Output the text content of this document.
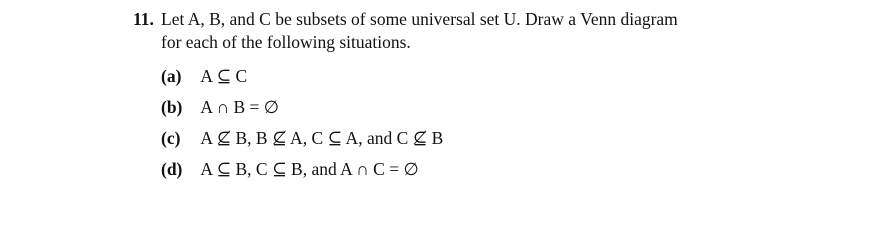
11. Let A, B, and C be subsets of some universal set U. Draw a Venn diagram
for each of the following situations.
(a) A ⊆ C
(b) A ∩ B = ∅
(c) A ⊈ B, B ⊈ A, C ⊆ A, and C ⊈ B
(d) A ⊆ B, C ⊆ B, and A ∩ C = ∅
